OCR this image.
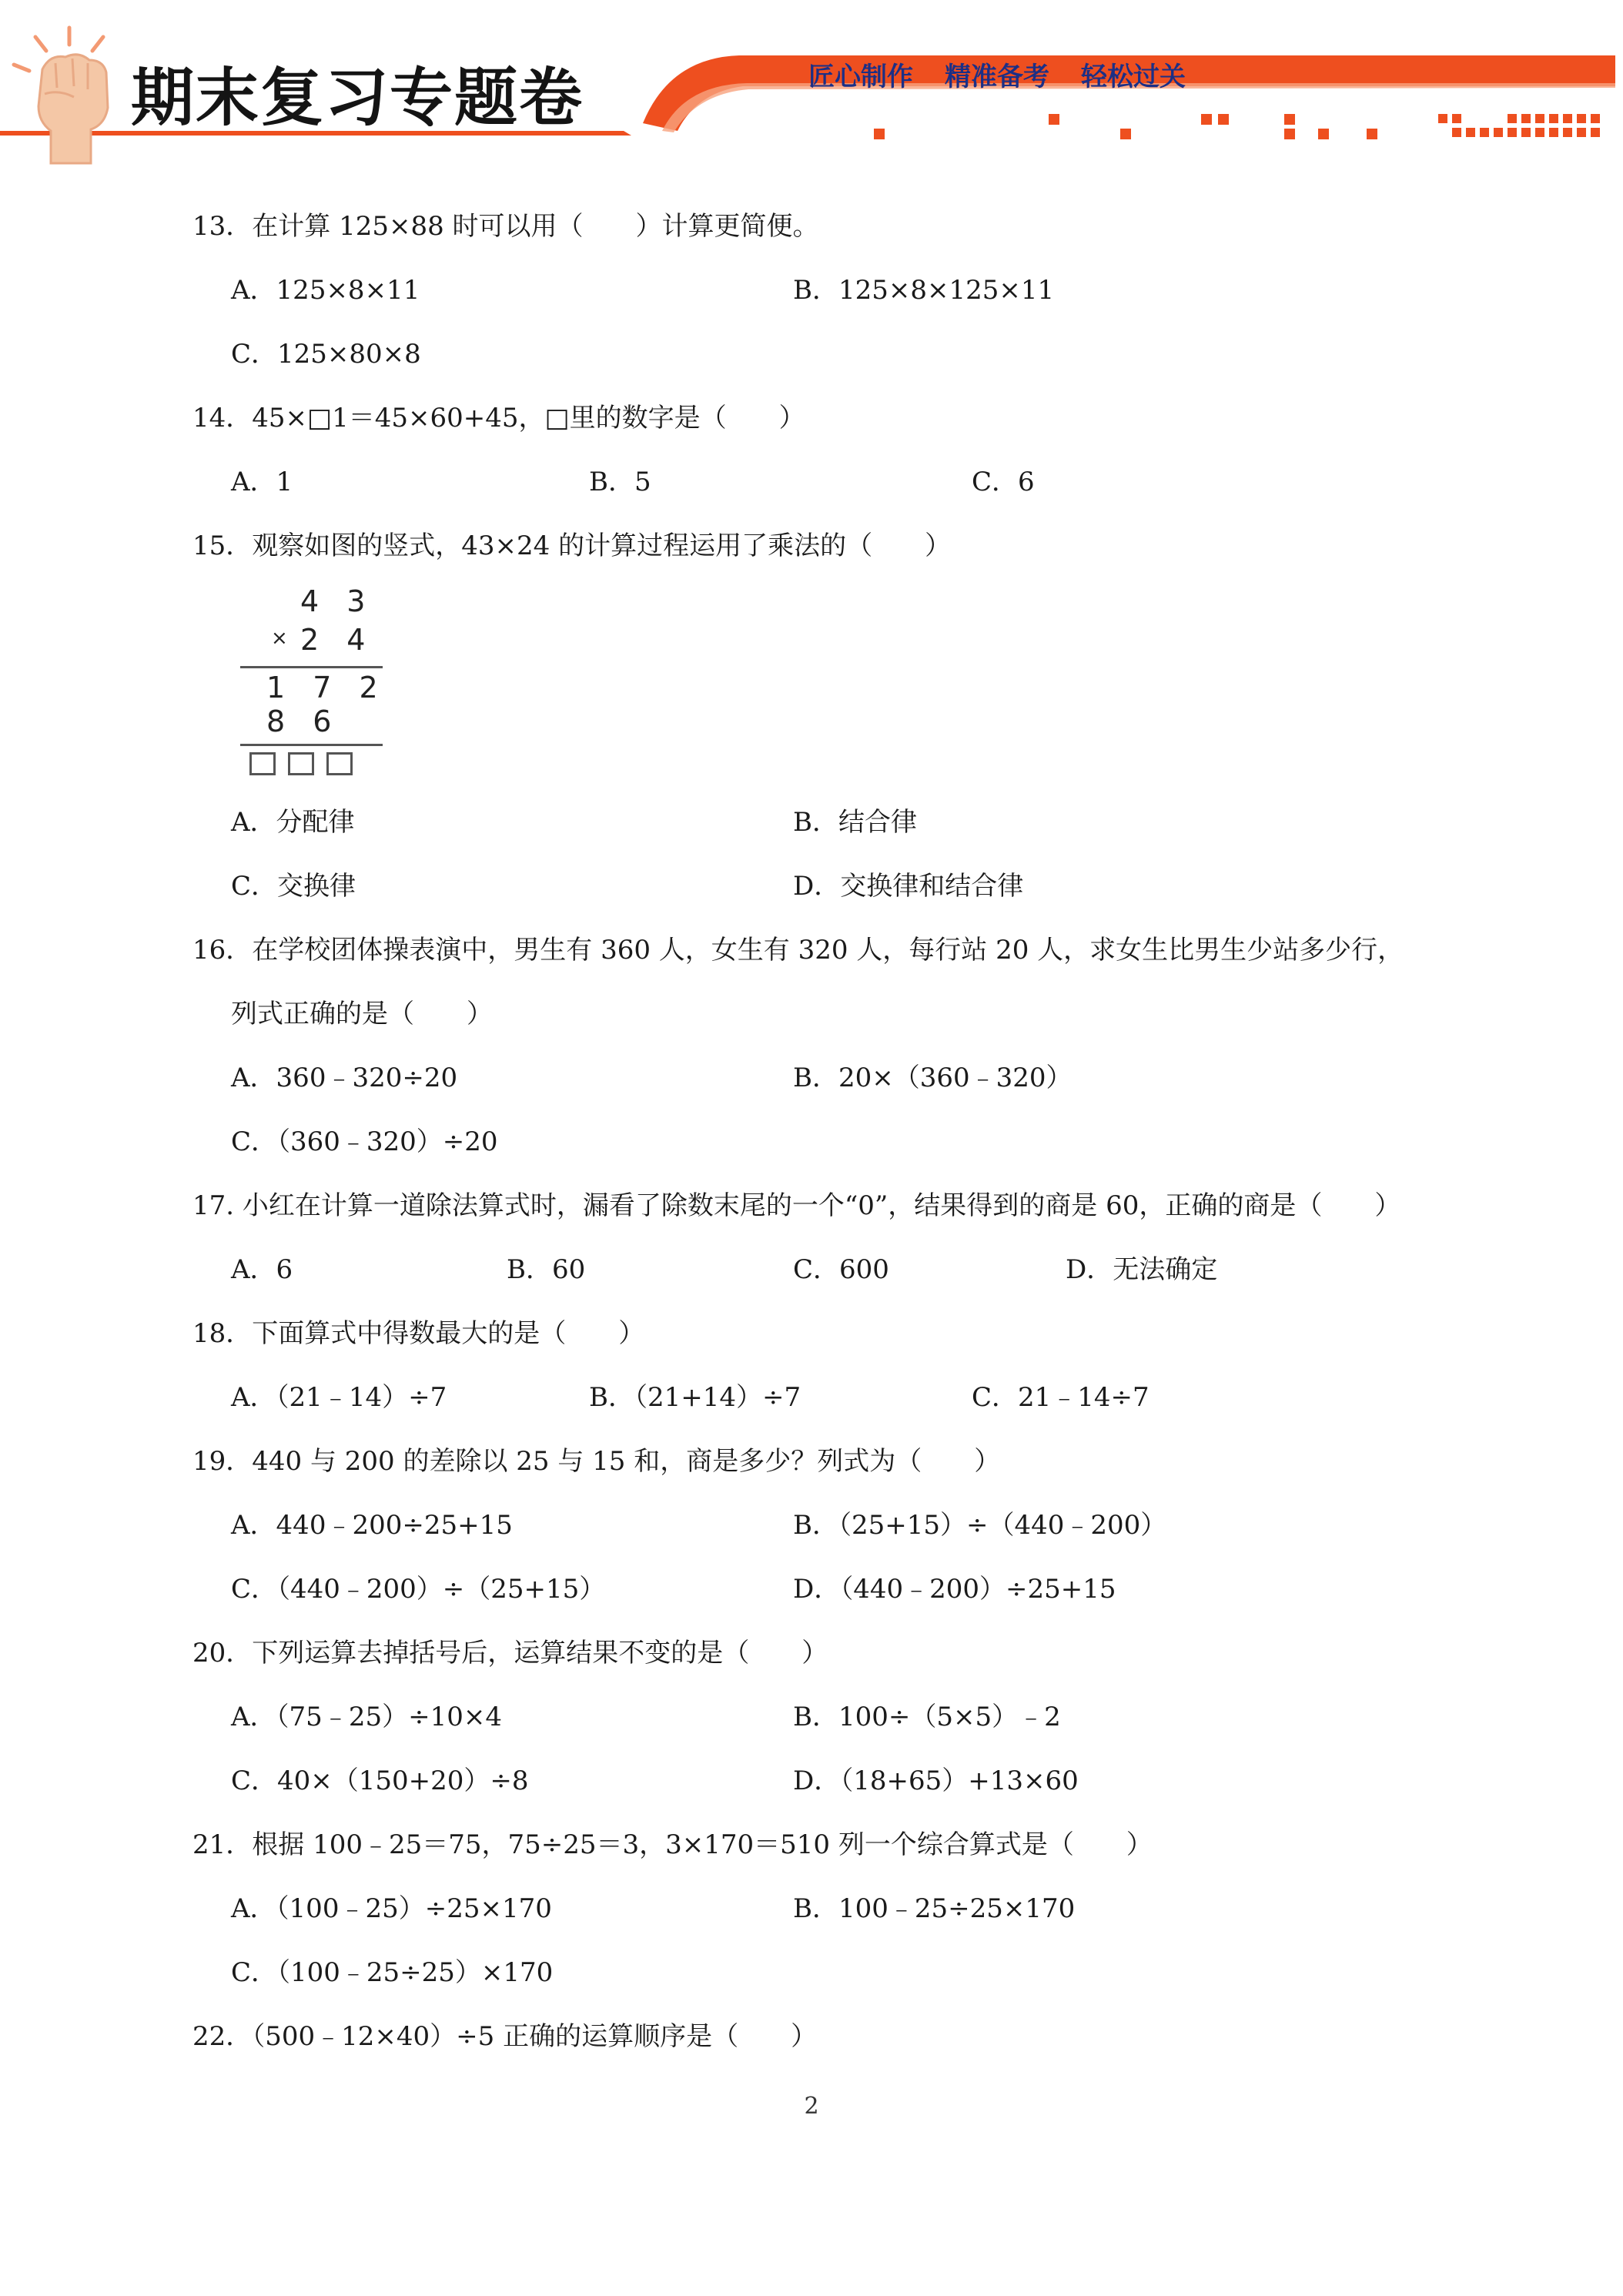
期末复习专题卷	匠心制作 精准备考 轻松过关
13．在计算 125×88 时可以用（　　）计算更简便。
A．125×8×11	B．125×8×125×11
C．125×80×8
14．45×□1＝45×60+45，□里的数字是（　　）
A．1	B．5	C．6
15．观察如图的竖式，43×24 的计算过程运用了乘法的（　　）
4 3
× 2 4
1 7 2
8 6
A．分配律	B．结合律
C．交换律	D．交换律和结合律
16．在学校团体操表演中，男生有 360 人，女生有 320 人，每行站 20 人，求女生比男生少站多少行，
列式正确的是（　　）
A．360﹣320÷20	B．20×（360﹣320）
C．（360﹣320）÷20
17. 小红在计算一道除法算式时，漏看了除数末尾的一个“0”，结果得到的商是 60，正确的商是（　　）
A．6	B．60	C．600	D．无法确定
18．下面算式中得数最大的是（　　）
A．（21﹣14）÷7	B．（21+14）÷7	C．21﹣14÷7
19．440 与 200 的差除以 25 与 15 和，商是多少？列式为（　　）
A．440﹣200÷25+15	B．（25+15）÷（440﹣200）
C．（440﹣200）÷（25+15）	D．（440﹣200）÷25+15
20．下列运算去掉括号后，运算结果不变的是（　　）
A．（75﹣25）÷10×4	B．100÷（5×5）﹣2
C．40×（150+20）÷8	D．（18+65）+13×60
21．根据 100﹣25＝75，75÷25＝3，3×170＝510 列一个综合算式是（　　）
A．（100﹣25）÷25×170	B．100﹣25÷25×170
C．（100﹣25÷25）×170
22．（500﹣12×40）÷5 正确的运算顺序是（　　）
2
